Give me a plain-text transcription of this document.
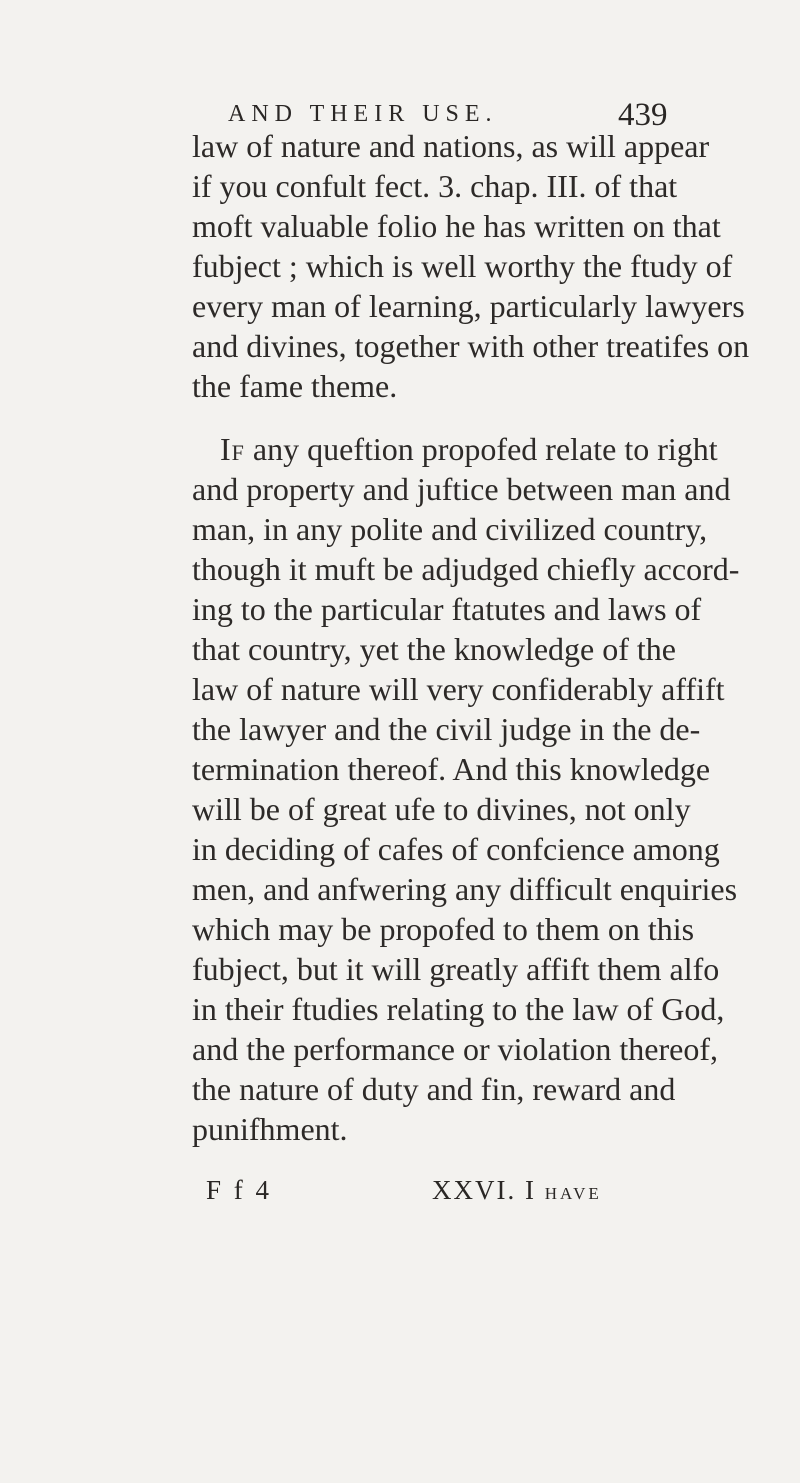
AND THEIR USE.	439
law of nature and nations, as will appear
if you confult fect. 3. chap. III. of that
moft valuable folio he has written on that
fubject ; which is well worthy the ftudy of
every man of learning, particularly lawyers
and divines, together with other treatifes on
the fame theme.
If any queftion propofed relate to right
and property and juftice between man and
man, in any polite and civilized country,
though it muft be adjudged chiefly accord-
ing to the particular ftatutes and laws of
that country, yet the knowledge of the
law of nature will very confiderably affift
the lawyer and the civil judge in the de-
termination thereof. And this knowledge
will be of great ufe to divines, not only
in deciding of cafes of confcience among
men, and anfwering any difficult enquiries
which may be propofed to them on this
fubject, but it will greatly affift them alfo
in their ftudies relating to the law of God,
and the performance or violation thereof,
the nature of duty and fin, reward and
punifhment.
F f 4	XXVI. I have
